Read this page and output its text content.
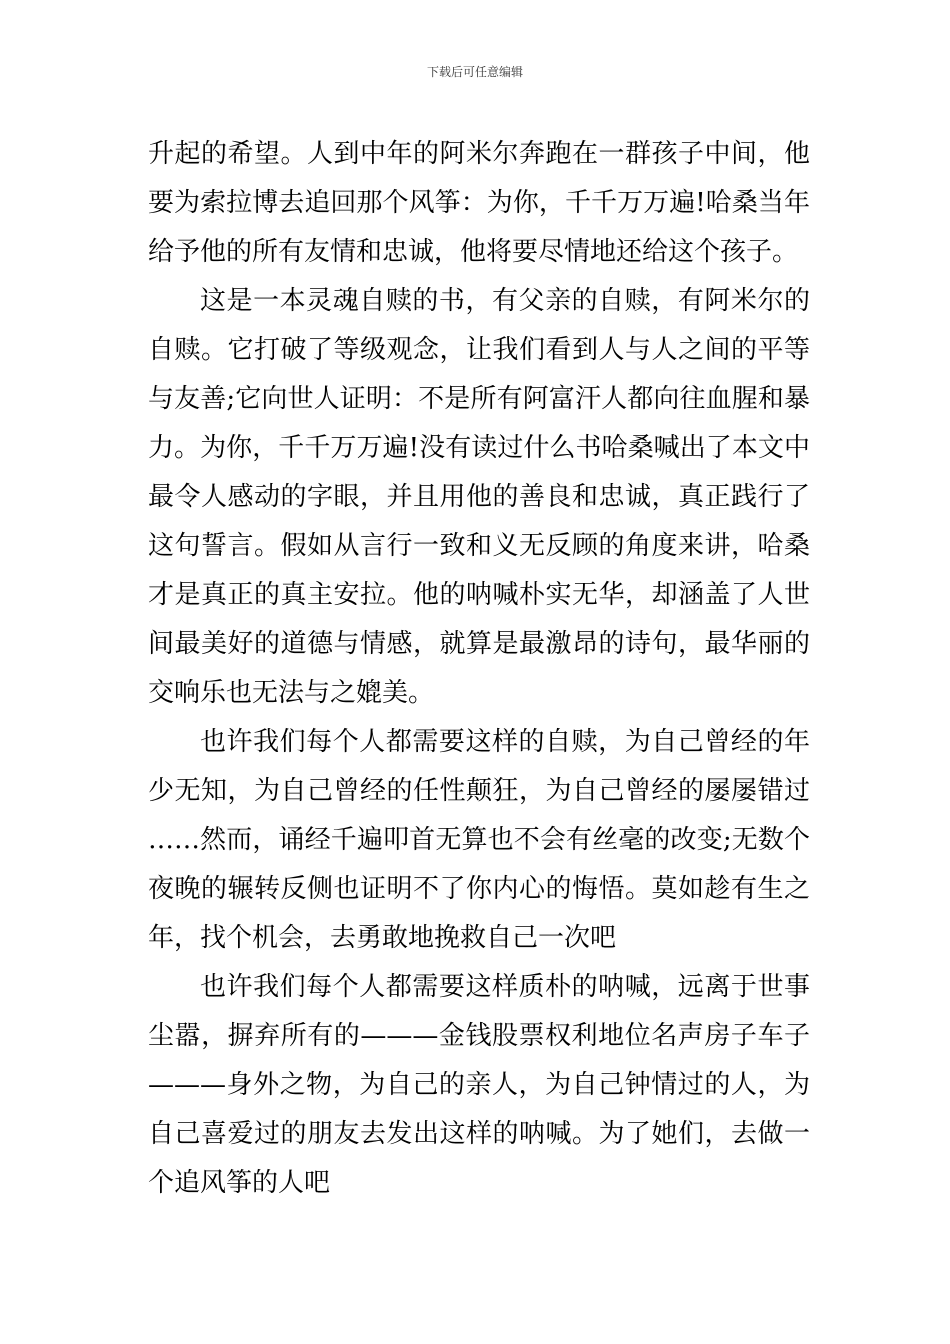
下载后可任意编辑
升起的希望。人到中年的阿米尔奔跑在一群孩子中间，他
要为索拉博去追回那个风筝：为你，千千万万遍!哈桑当年
给予他的所有友情和忠诚，他将要尽情地还给这个孩子。
这是一本灵魂自赎的书，有父亲的自赎，有阿米尔的
自赎。它打破了等级观念，让我们看到人与人之间的平等
与友善;它向世人证明：不是所有阿富汗人都向往血腥和暴
力。为你，千千万万遍!没有读过什么书哈桑喊出了本文中
最令人感动的字眼，并且用他的善良和忠诚，真正践行了
这句誓言。假如从言行一致和义无反顾的角度来讲，哈桑
才是真正的真主安拉。他的呐喊朴实无华，却涵盖了人世
间最美好的道德与情感，就算是最激昂的诗句，最华丽的
交响乐也无法与之媲美。
也许我们每个人都需要这样的自赎，为自己曾经的年
少无知，为自己曾经的任性颠狂，为自己曾经的屡屡错过
……然而，诵经千遍叩首无算也不会有丝毫的改变;无数个
夜晚的辗转反侧也证明不了你内心的悔悟。莫如趁有生之
年，找个机会，去勇敢地挽救自己一次吧
也许我们每个人都需要这样质朴的呐喊，远离于世事
尘嚣，摒弃所有的———金钱股票权利地位名声房子车子
———身外之物，为自己的亲人，为自己钟情过的人，为
自己喜爱过的朋友去发出这样的呐喊。为了她们，去做一
个追风筝的人吧
